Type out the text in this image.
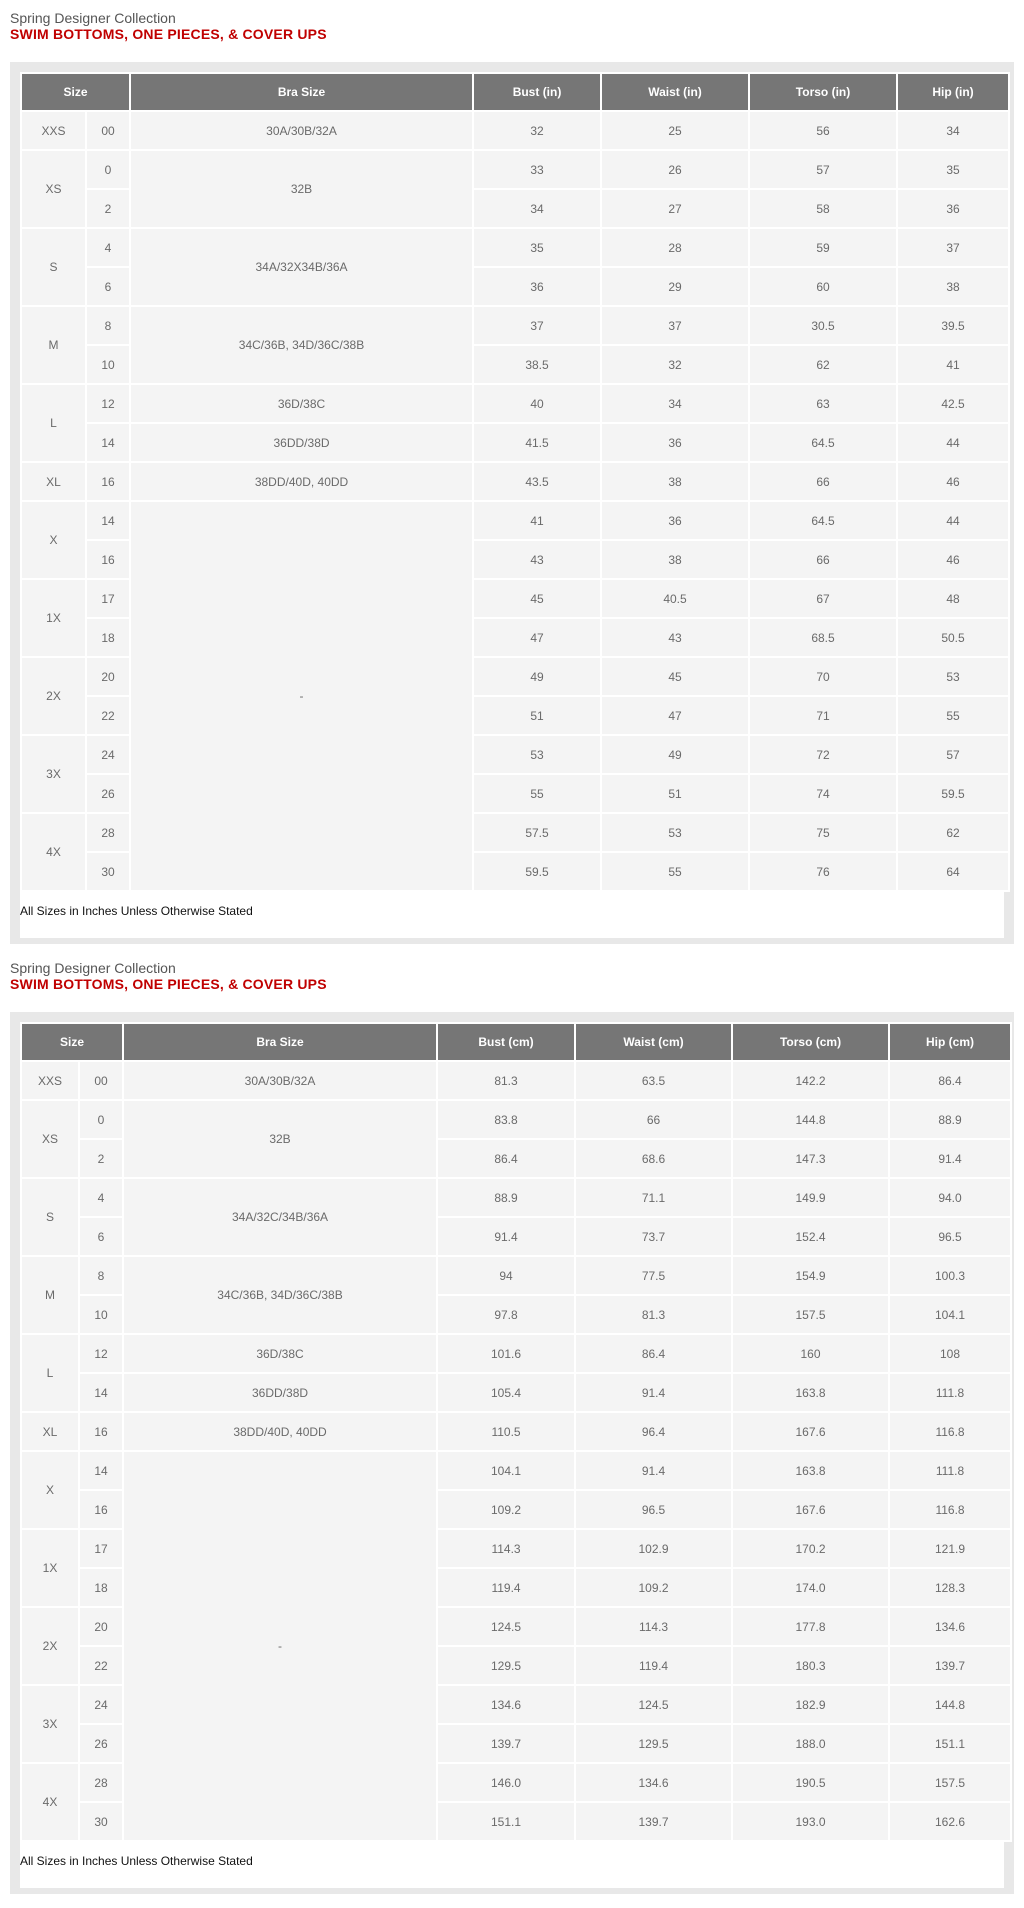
Spring Designer Collection
SWIM BOTTOMS, ONE PIECES, & COVER UPS
Size		Bra Size	Bust (in)	Waist (in)	Torso (in)	Hip (in)
XXS	00	30A/30B/32A	32	25	56	34
XS	0	32B	33	26	57	35
	2		34	27	58	36
S	4	34A/32X34B/36A	35	28	59	37
	6		36	29	60	38
M	8	34C/36B, 34D/36C/38B	37	37	30.5	39.5
	10		38.5	32	62	41
L	12	36D/38C	40	34	63	42.5
	14	36DD/38D	41.5	36	64.5	44
XL	16	38DD/40D, 40DD	43.5	38	66	46
X	14	-	41	36	64.5	44
	16		43	38	66	46
1X	17		45	40.5	67	48
	18		47	43	68.5	50.5
2X	20		49	45	70	53
	22		51	47	71	55
3X	24		53	49	72	57
	26		55	51	74	59.5
4X	28		57.5	53	75	62
	30		59.5	55	76	64
All Sizes in Inches Unless Otherwise Stated
Spring Designer Collection
SWIM BOTTOMS, ONE PIECES, & COVER UPS
Size		Bra Size	Bust (cm)	Waist (cm)	Torso (cm)	Hip (cm)
XXS	00	30A/30B/32A	81.3	63.5	142.2	86.4
XS	0	32B	83.8	66	144.8	88.9
	2		86.4	68.6	147.3	91.4
S	4	34A/32C/34B/36A	88.9	71.1	149.9	94.0
	6		91.4	73.7	152.4	96.5
M	8	34C/36B, 34D/36C/38B	94	77.5	154.9	100.3
	10		97.8	81.3	157.5	104.1
L	12	36D/38C	101.6	86.4	160	108
	14	36DD/38D	105.4	91.4	163.8	111.8
XL	16	38DD/40D, 40DD	110.5	96.4	167.6	116.8
X	14	-	104.1	91.4	163.8	111.8
	16		109.2	96.5	167.6	116.8
1X	17		114.3	102.9	170.2	121.9
	18		119.4	109.2	174.0	128.3
2X	20		124.5	114.3	177.8	134.6
	22		129.5	119.4	180.3	139.7
3X	24		134.6	124.5	182.9	144.8
	26		139.7	129.5	188.0	151.1
4X	28		146.0	134.6	190.5	157.5
	30		151.1	139.7	193.0	162.6
All Sizes in Inches Unless Otherwise Stated
